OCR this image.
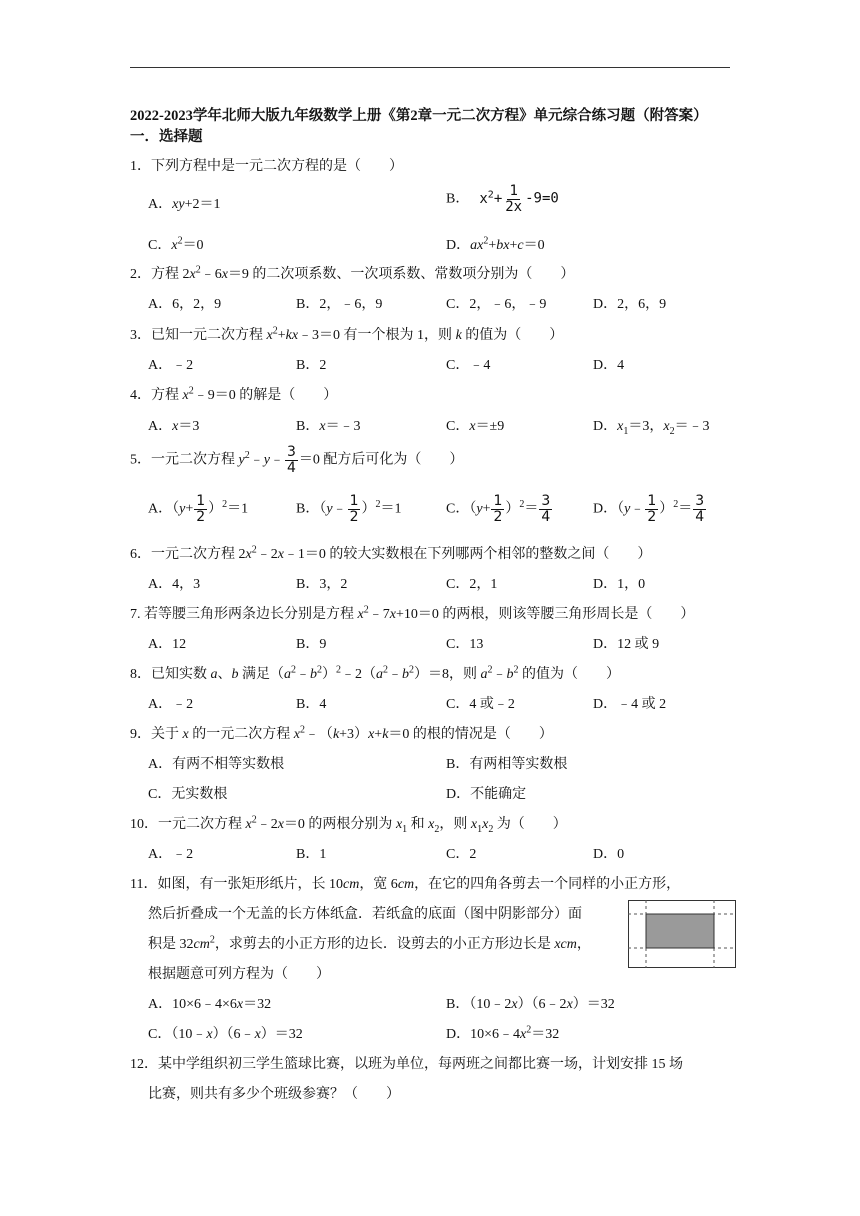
2022-2023学年北师大版九年级数学上册《第2章一元二次方程》单元综合练习题（附答案）
一．选择题
1．下列方程中是一元二次方程的是（　　）
A．xy+2＝1	B． $x^2+ \frac{1}{2x} -9=0$
C．$x^2=0$	D．$ax^2+bx+c=0$
2．方程 $2x^2﹣6x=9$ 的二次项系数、一次项系数、常数项分别为（　　）
A．6，2，9	B．2，﹣6，9	C．2，﹣6，﹣9	D．2，6，9
3．已知一元二次方程 $x^2+kx﹣3=0$ 有一个根为 1，则 k 的值为（　　）
A．﹣2	B．2	C．﹣4	D．4
4．方程 $x^2﹣9=0$ 的解是（　　）
A．x＝3	B．x＝﹣3	C．x＝±9	D．$x_1=3$，$x_2=﹣3$
5．一元二次方程 $y^2﹣y﹣ \frac{3}{4} =0$ 配方后可化为（　　）
A．$(y+ \frac{1}{2} )^2=1$	B．（y﹣ $\frac{1}{2} )^2=1$	C．$(y+ \frac{1}{2} )^2= \frac{3}{4}$	D．（y﹣ $\frac{1}{2} )^2= \frac{3}{4}$
6．一元二次方程 $2x^2﹣2x﹣1=0$ 的较大实数根在下列哪两个相邻的整数之间（　　）
A．4，3	B．3，2	C．2，1	D．1，0
7. 若等腰三角形两条边长分别是方程 $x^2﹣7x+10=0$ 的两根，则该等腰三角形周长是（　　）
A．12	B．9	C．13	D．12 或 9
8．已知实数 a、b 满足$(a^2﹣b^2)^2﹣2(a^2﹣b^2)=8$，则 $a^2﹣b^2$ 的值为（　　）
A．﹣2	B．4	C．4 或﹣2	D．﹣4 或 2
9．关于 x 的一元二次方程 $x^2﹣(k+3)x+k=0$ 的根的情况是（　　）
A．有两不相等实数根	B．有两相等实数根
C．无实数根	D．不能确定
10．一元二次方程 $x^2﹣2x=0$ 的两根分别为 $x_1$ 和 $x_2$，则 $x_1x_2$ 为（　　）
A．﹣2	B．1	C．2	D．0
11．如图，有一张矩形纸片，长 10cm，宽 6cm，在它的四角各剪去一个同样的小正方形，
然后折叠成一个无盖的长方体纸盒．若纸盒的底面（图中阴影部分）面
积是 $32cm^2$，求剪去的小正方形的边长．设剪去的小正方形边长是 xcm，
根据题意可列方程为（　　）
A．10×6﹣4×6x＝32	B．（10﹣2x）（6﹣2x）＝32
C．（10﹣x）（6﹣x）＝32	D．$10\times 6﹣4x^2=32$
12．某中学组织初三学生篮球比赛，以班为单位，每两班之间都比赛一场，计划安排 15 场
比赛，则共有多少个班级参赛？（　　）
